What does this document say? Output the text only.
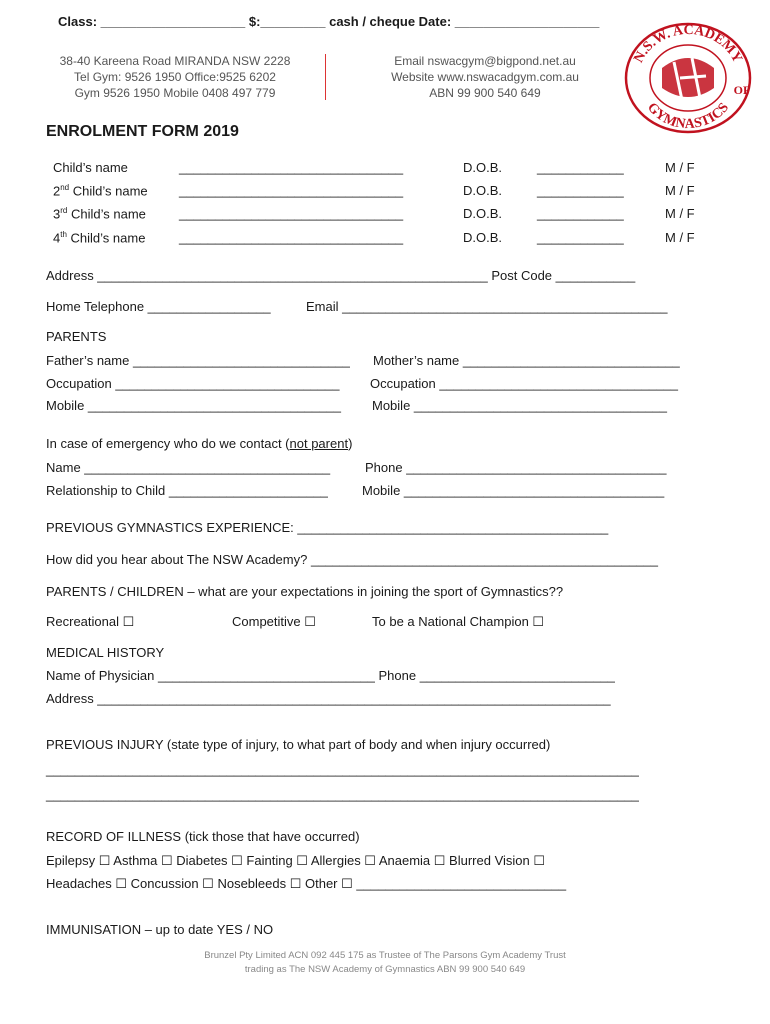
Class: ____________________ $:_________ cash / cheque Date: ____________________
38-40 Kareena Road MIRANDA NSW 2228
Tel Gym: 9526 1950 Office:9525 6202
Gym 9526 1950 Mobile 0408 497 779
Email nswacgym@bigpond.net.au
Website www.nswacadgym.com.au
ABN 99 900 540 649
N.S.W. ACADEMY
OF
GYMNASTICS
ENROLMENT FORM 2019
Child’s name	_______________________________	D.O.B.	____________	M / F
2nd Child’s name _______________________________	D.O.B.	____________	M / F
3rd Child’s name	_______________________________	D.O.B.	____________	M / F
4th Child’s name	_______________________________	D.O.B.	____________	M / F
Address ______________________________________________________ Post Code ___________
Home Telephone _________________	Email _____________________________________________
PARENTS
Father’s name ______________________________ Mother’s name ______________________________
Occupation _______________________________ Occupation _________________________________
Mobile ___________________________________ Mobile ___________________________________
In case of emergency who do we contact (not parent)
Name __________________________________	Phone ____________________________________
Relationship to Child ______________________	Mobile ____________________________________
PREVIOUS GYMNASTICS EXPERIENCE: ___________________________________________
How did you hear about The NSW Academy? ________________________________________________
PARENTS / CHILDREN – what are your expectations in joining the sport of Gymnastics??
Recreational ☐	Competitive ☐	To be a National Champion ☐
MEDICAL HISTORY
Name of Physician ______________________________ Phone ___________________________
Address _______________________________________________________________________
PREVIOUS INJURY (state type of injury, to what part of body and when injury occurred)
__________________________________________________________________________________
__________________________________________________________________________________
RECORD OF ILLNESS (tick those that have occurred)
Epilepsy ☐ Asthma ☐ Diabetes ☐ Fainting ☐ Allergies ☐ Anaemia ☐ Blurred Vision ☐
Headaches ☐ Concussion ☐ Nosebleeds ☐ Other ☐ _____________________________
IMMUNISATION – up to date YES / NO
Brunzel Pty Limited ACN 092 445 175 as Trustee of The Parsons Gym Academy Trust
trading as The NSW Academy of Gymnastics ABN 99 900 540 649
